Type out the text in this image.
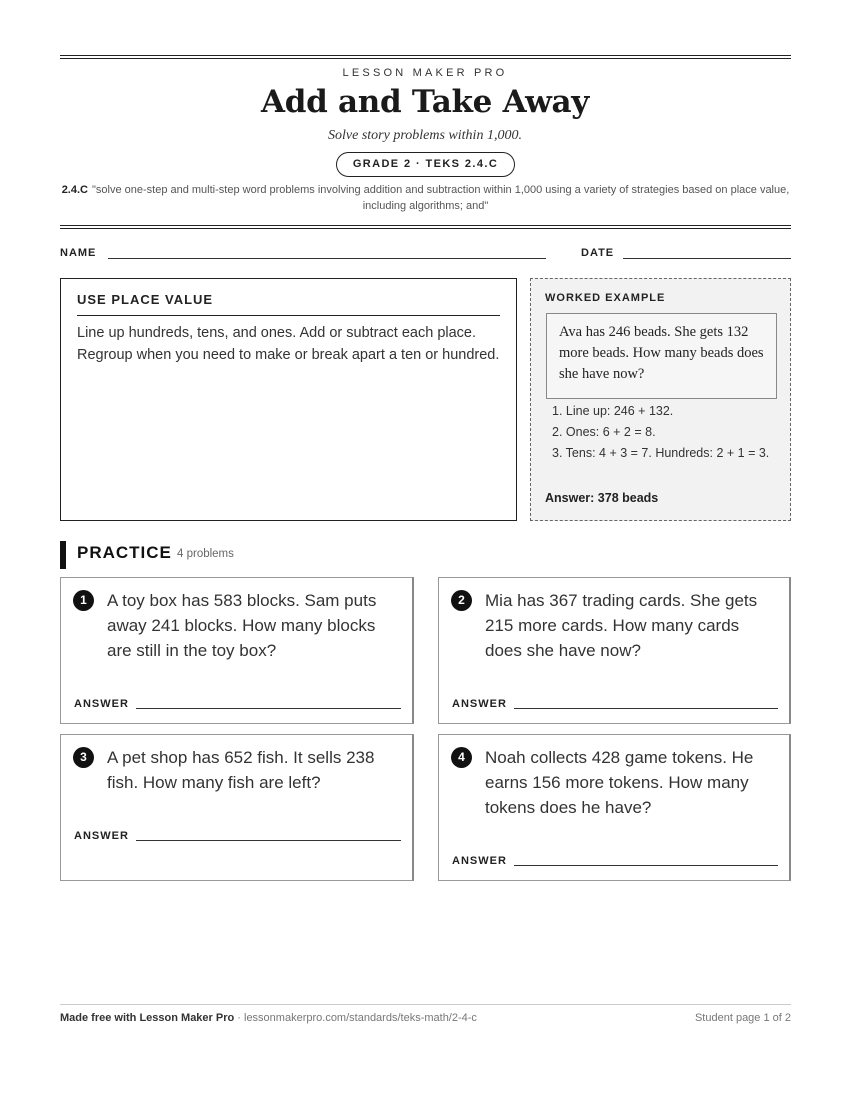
LESSON MAKER PRO
Add and Take Away
Solve story problems within 1,000.
GRADE 2 · TEKS 2.4.C
2.4.C "solve one-step and multi-step word problems involving addition and subtraction within 1,000 using a variety of strategies based on place value, including algorithms; and"
NAME	DATE
USE PLACE VALUE
Line up hundreds, tens, and ones. Add or subtract each place. Regroup when you need to make or break apart a ten or hundred.
WORKED EXAMPLE
Ava has 246 beads. She gets 132 more beads. How many beads does she have now?
1. Line up: 246 + 132.
2. Ones: 6 + 2 = 8.
3. Tens: 4 + 3 = 7. Hundreds: 2 + 1 = 3.
Answer: 378 beads
PRACTICE 4 problems
1	A toy box has 583 blocks. Sam puts away 241 blocks. How many blocks are still in the toy box?
ANSWER
2	Mia has 367 trading cards. She gets 215 more cards. How many cards does she have now?
ANSWER
3	A pet shop has 652 fish. It sells 238 fish. How many fish are left?
ANSWER
4	Noah collects 428 game tokens. He earns 156 more tokens. How many tokens does he have?
ANSWER
Made free with Lesson Maker Pro · lessonmakerpro.com/standards/teks-math/2-4-c	Student page 1 of 2
